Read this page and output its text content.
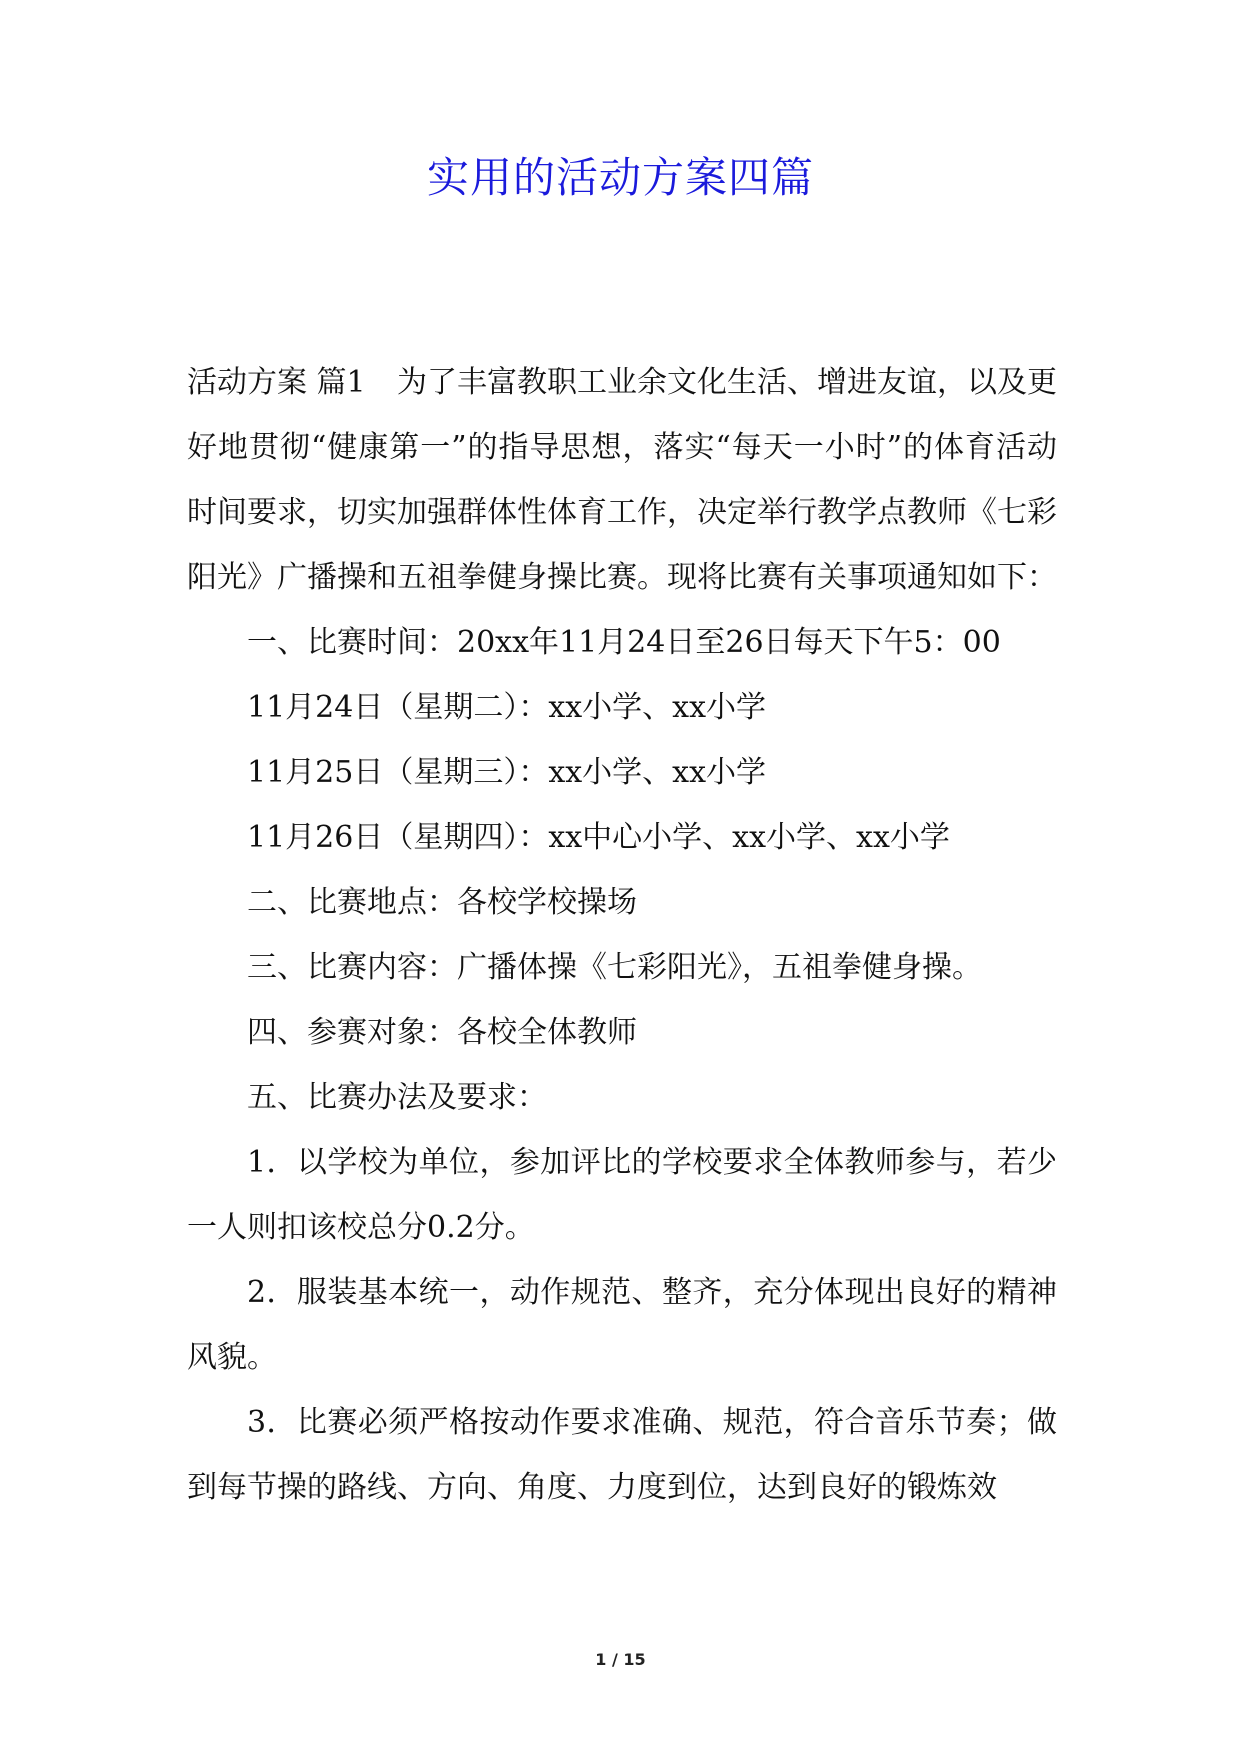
实用的活动方案四篇

活动方案 篇1 为了丰富教职工业余文化生活、增进友谊，以及更好地贯彻“健康第一”的指导思想，落实“每天一小时”的体育活动时间要求，切实加强群体性体育工作，决定举行教学点教师《七彩阳光》广播操和五祖拳健身操比赛。现将比赛有关事项通知如下：

一、比赛时间：20xx年11月24日至26日每天下午5：00

11月24日（星期二）：xx小学、xx小学

11月25日（星期三）：xx小学、xx小学

11月26日（星期四）：xx中心小学、xx小学、xx小学

二、比赛地点：各校学校操场

三、比赛内容：广播体操《七彩阳光》，五祖拳健身操。

四、参赛对象：各校全体教师

五、比赛办法及要求：

1．以学校为单位，参加评比的学校要求全体教师参与，若少一人则扣该校总分0.2分。

2．服装基本统一，动作规范、整齐，充分体现出良好的精神风貌。

3．比赛必须严格按动作要求准确、规范，符合音乐节奏；做到每节操的路线、方向、角度、力度到位，达到良好的锻炼效

1 / 15
